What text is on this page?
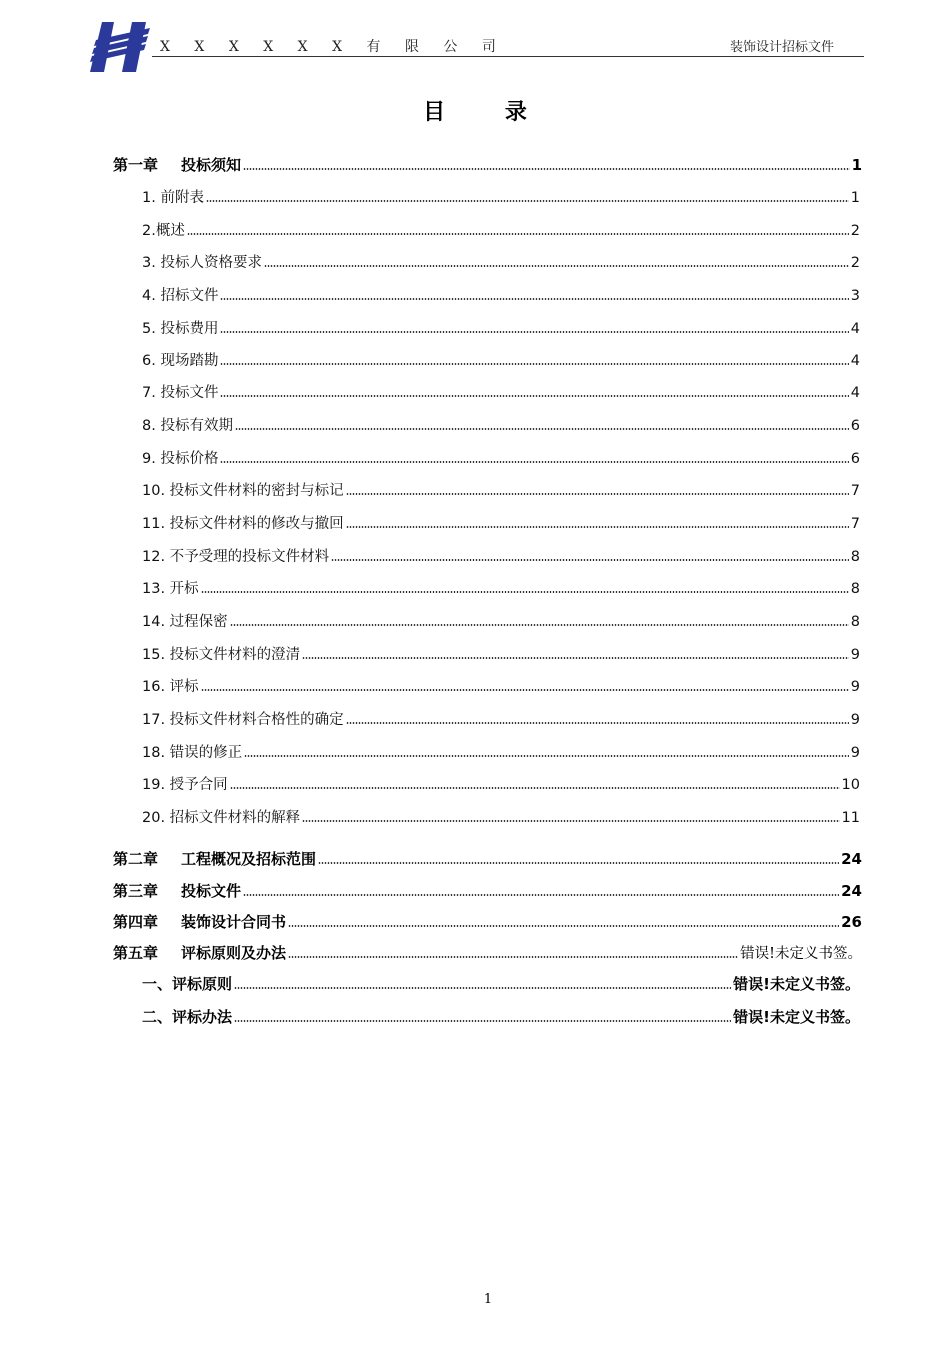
X X X X X X 有 限 公 司	装饰设计招标文件
目 录
第一章 投标须知	1
1. 前附表	1
2.概述	2
3. 投标人资格要求	2
4. 招标文件	3
5. 投标费用	4
6. 现场踏勘	4
7. 投标文件	4
8. 投标有效期	6
9. 投标价格	6
10. 投标文件材料的密封与标记	7
11. 投标文件材料的修改与撤回	7
12. 不予受理的投标文件材料	8
13. 开标	8
14. 过程保密	8
15. 投标文件材料的澄清	9
16. 评标	9
17. 投标文件材料合格性的确定	9
18. 错误的修正	9
19. 授予合同	10
20. 招标文件材料的解释	11
第二章 工程概况及招标范围	24
第三章 投标文件	24
第四章 装饰设计合同书	26
第五章 评标原则及办法	错误!未定义书签。
一、评标原则	错误!未定义书签。
二、评标办法	错误!未定义书签。
1
